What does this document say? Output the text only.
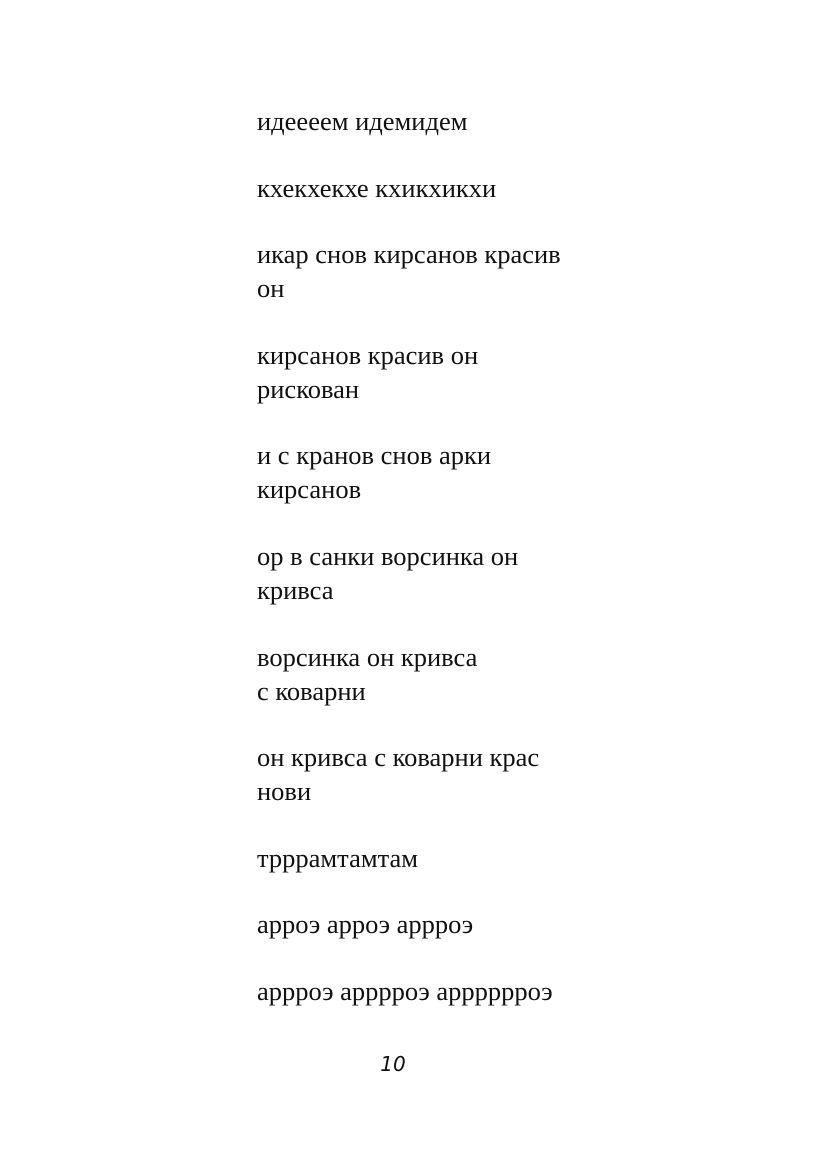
идеееем идемидем
кхекхекхе кхикхикхи
икар снов кирсанов красив
он
кирсанов красив он
рискован
и с кранов снов арки
кирсанов
ор в санки ворсинка он
кривса
ворсинка он кривса
с коварни
он кривса с коварни крас
нови
трррамтамтам
арроэ арроэ аррроэ
аррроэ арррроэ арррррроэ
10
